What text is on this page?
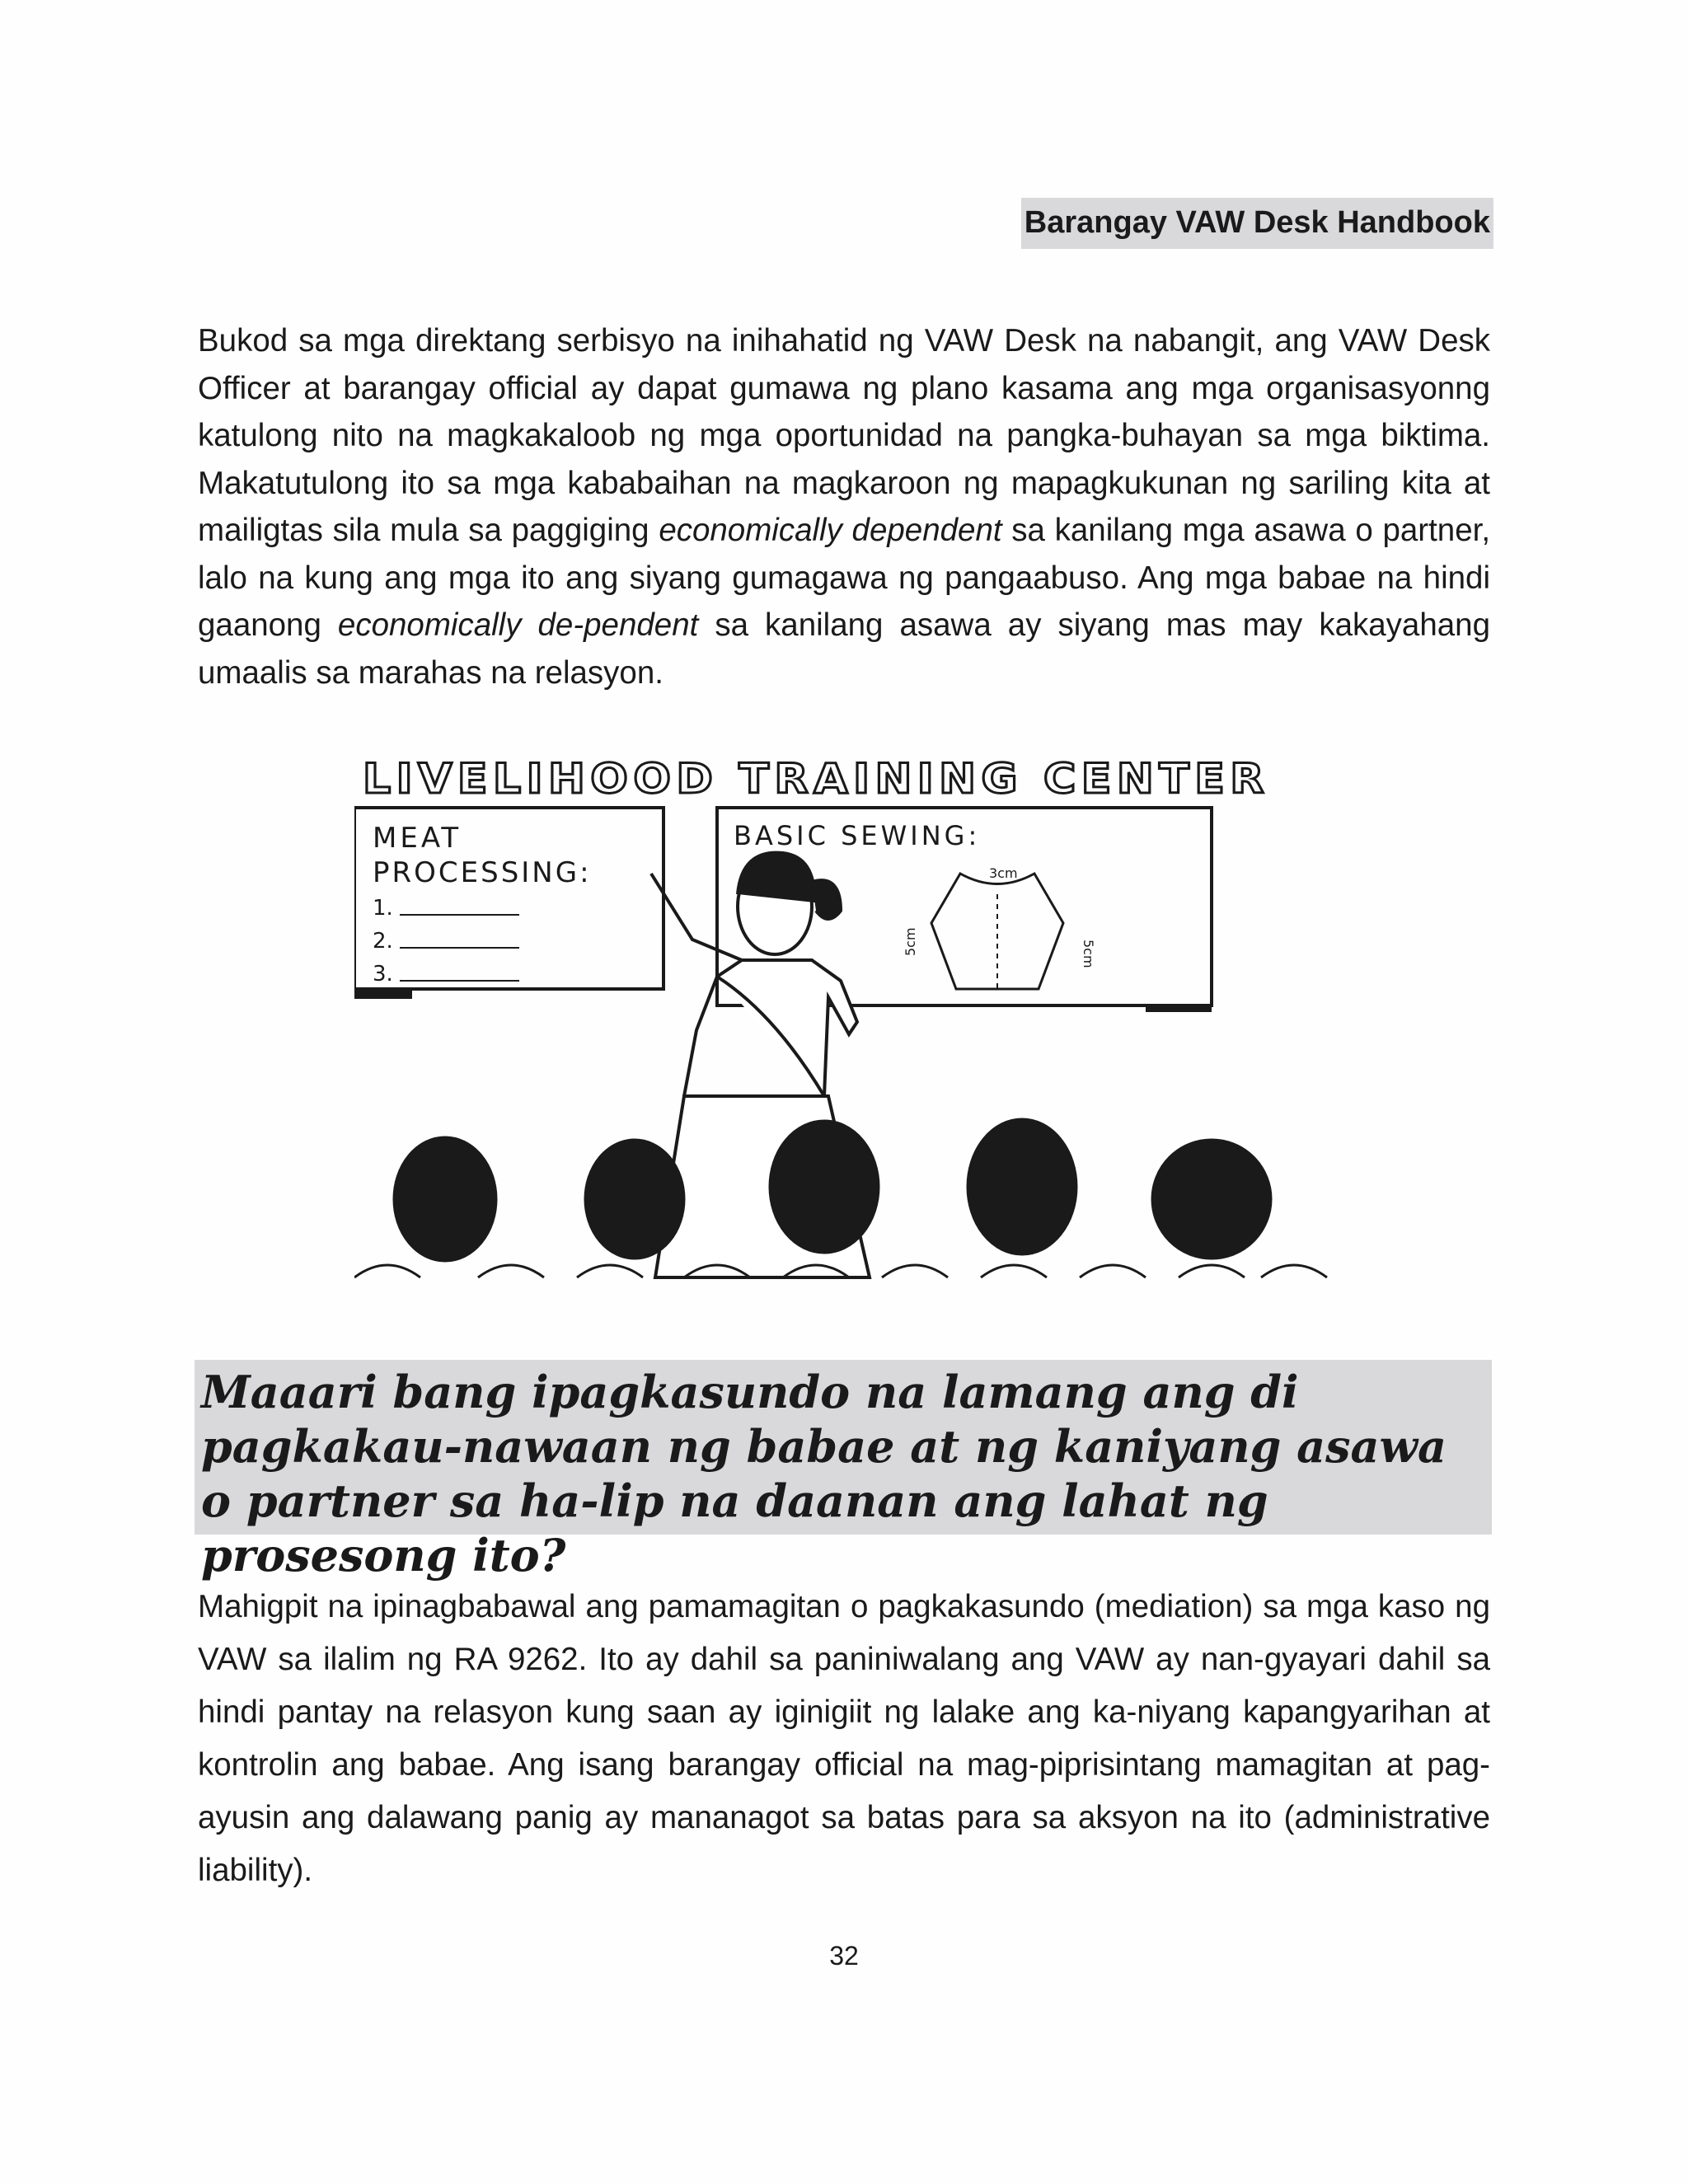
Barangay VAW Desk Handbook

Bukod sa mga direktang serbisyo na inihahatid ng VAW Desk na nabangit, ang VAW Desk Officer at barangay official ay dapat gumawa ng plano kasama ang mga organisasyonng katulong nito na magkakaloob ng mga oportunidad na pangka-buhayan sa mga biktima. Makatutulong ito sa mga kababaihan na magkaroon ng mapagkukunan ng sariling kita at mailigtas sila mula sa paggiging economically dependent sa kanilang mga asawa o partner, lalo na kung ang mga ito ang siyang gumagawa ng pangaabuso. Ang mga babae na hindi gaanong economically de-pendent sa kanilang asawa ay siyang mas may kakayahang umaalis sa marahas na relasyon.

LIVELIHOOD TRAINING CENTER
MEAT
PROCESSING:
1.
2.
3.
BASIC SEWING:
3cm
5cm	5cm
Maaari bang ipagkasundo na lamang ang di pagkakau-nawaan ng babae at ng kaniyang asawa o partner sa ha-lip na daanan ang lahat ng prosesong ito?

Mahigpit na ipinagbabawal ang pamamagitan o pagkakasundo (mediation) sa mga kaso ng VAW sa ilalim ng RA 9262. Ito ay dahil sa paniniwalang ang VAW ay nan-gyayari dahil sa hindi pantay na relasyon kung saan ay iginigiit ng lalake ang ka-niyang kapangyarihan at kontrolin ang babae. Ang isang barangay official na mag-piprisintang mamagitan at pag-ayusin ang dalawang panig ay mananagot sa batas para sa aksyon na ito (administrative liability).

32
